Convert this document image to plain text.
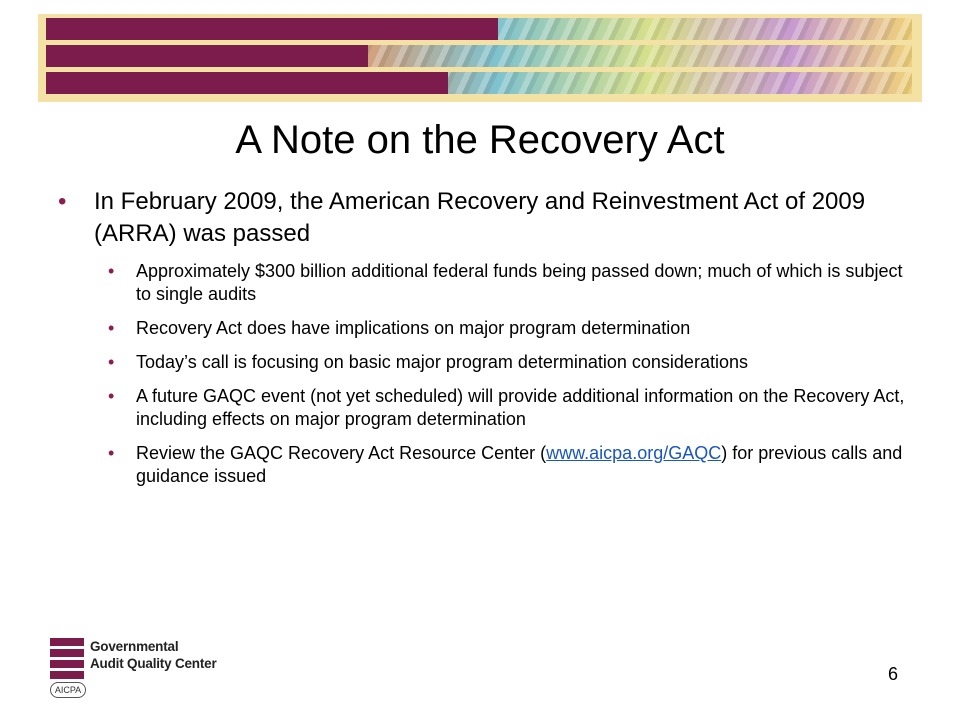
A Note on the Recovery Act
• In February 2009, the American Recovery and Reinvestment Act of 2009 (ARRA) was passed
• Approximately $300 billion additional federal funds being passed down; much of which is subject to single audits
• Recovery Act does have implications on major program determination
• Today’s call is focusing on basic major program determination considerations
• A future GAQC event (not yet scheduled) will provide additional information on the Recovery Act, including effects on major program determination
• Review the GAQC Recovery Act Resource Center (www.aicpa.org/GAQC) for previous calls and guidance issued
Governmental
Audit Quality Center
AICPA
6
